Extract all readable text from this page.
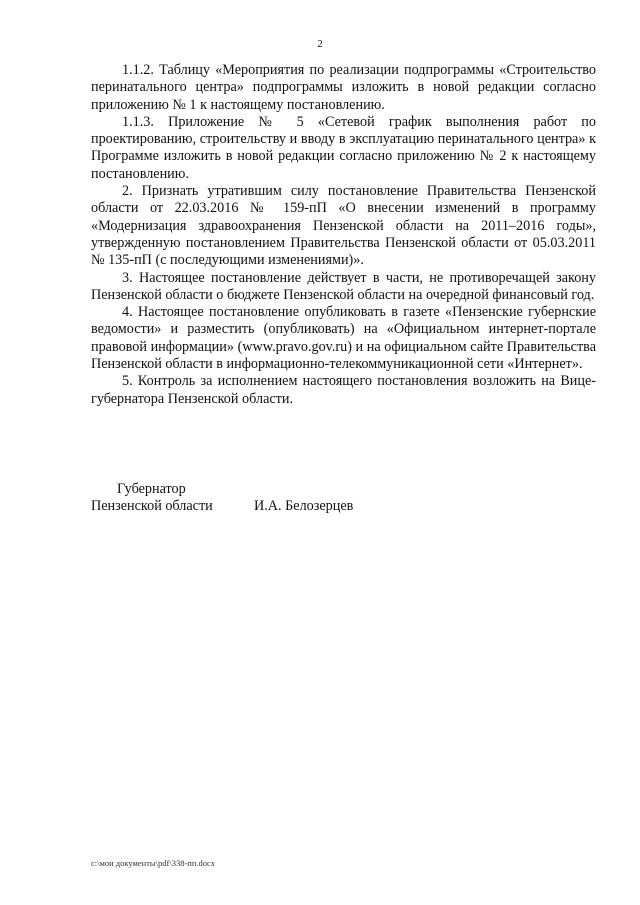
2

1.1.2. Таблицу «Мероприятия по реализации подпрограммы «Строительство перинатального центра» подпрограммы изложить в новой редакции согласно приложению № 1 к настоящему постановлению.

1.1.3. Приложение № 5 «Сетевой график выполнения работ по проектированию, строительству и вводу в эксплуатацию перинатального центра» к Программе изложить в новой редакции согласно приложению № 2 к настоящему постановлению.

2. Признать утратившим силу постановление Правительства Пензенской области от 22.03.2016 № 159-пП «О внесении изменений в программу «Модернизация здравоохранения Пензенской области на 2011–2016 годы», утвержденную постановлением Правительства Пензенской области от 05.03.2011 № 135-пП (с последующими изменениями)».

3. Настоящее постановление действует в части, не противоречащей закону Пензенской области о бюджете Пензенской области на очередной финансовый год.

4. Настоящее постановление опубликовать в газете «Пензенские губернские ведомости» и разместить (опубликовать) на «Официальном интернет-портале правовой информации» (www.pravo.gov.ru) и на официальном сайте Правительства Пензенской области в информационно-телекоммуникационной сети «Интернет».

5. Контроль за исполнением настоящего постановления возложить на Вице-губернатора Пензенской области.

Губернатор
Пензенской области	И.А. Белозерцев
c:\мои документы\pdf\338-пп.docx
